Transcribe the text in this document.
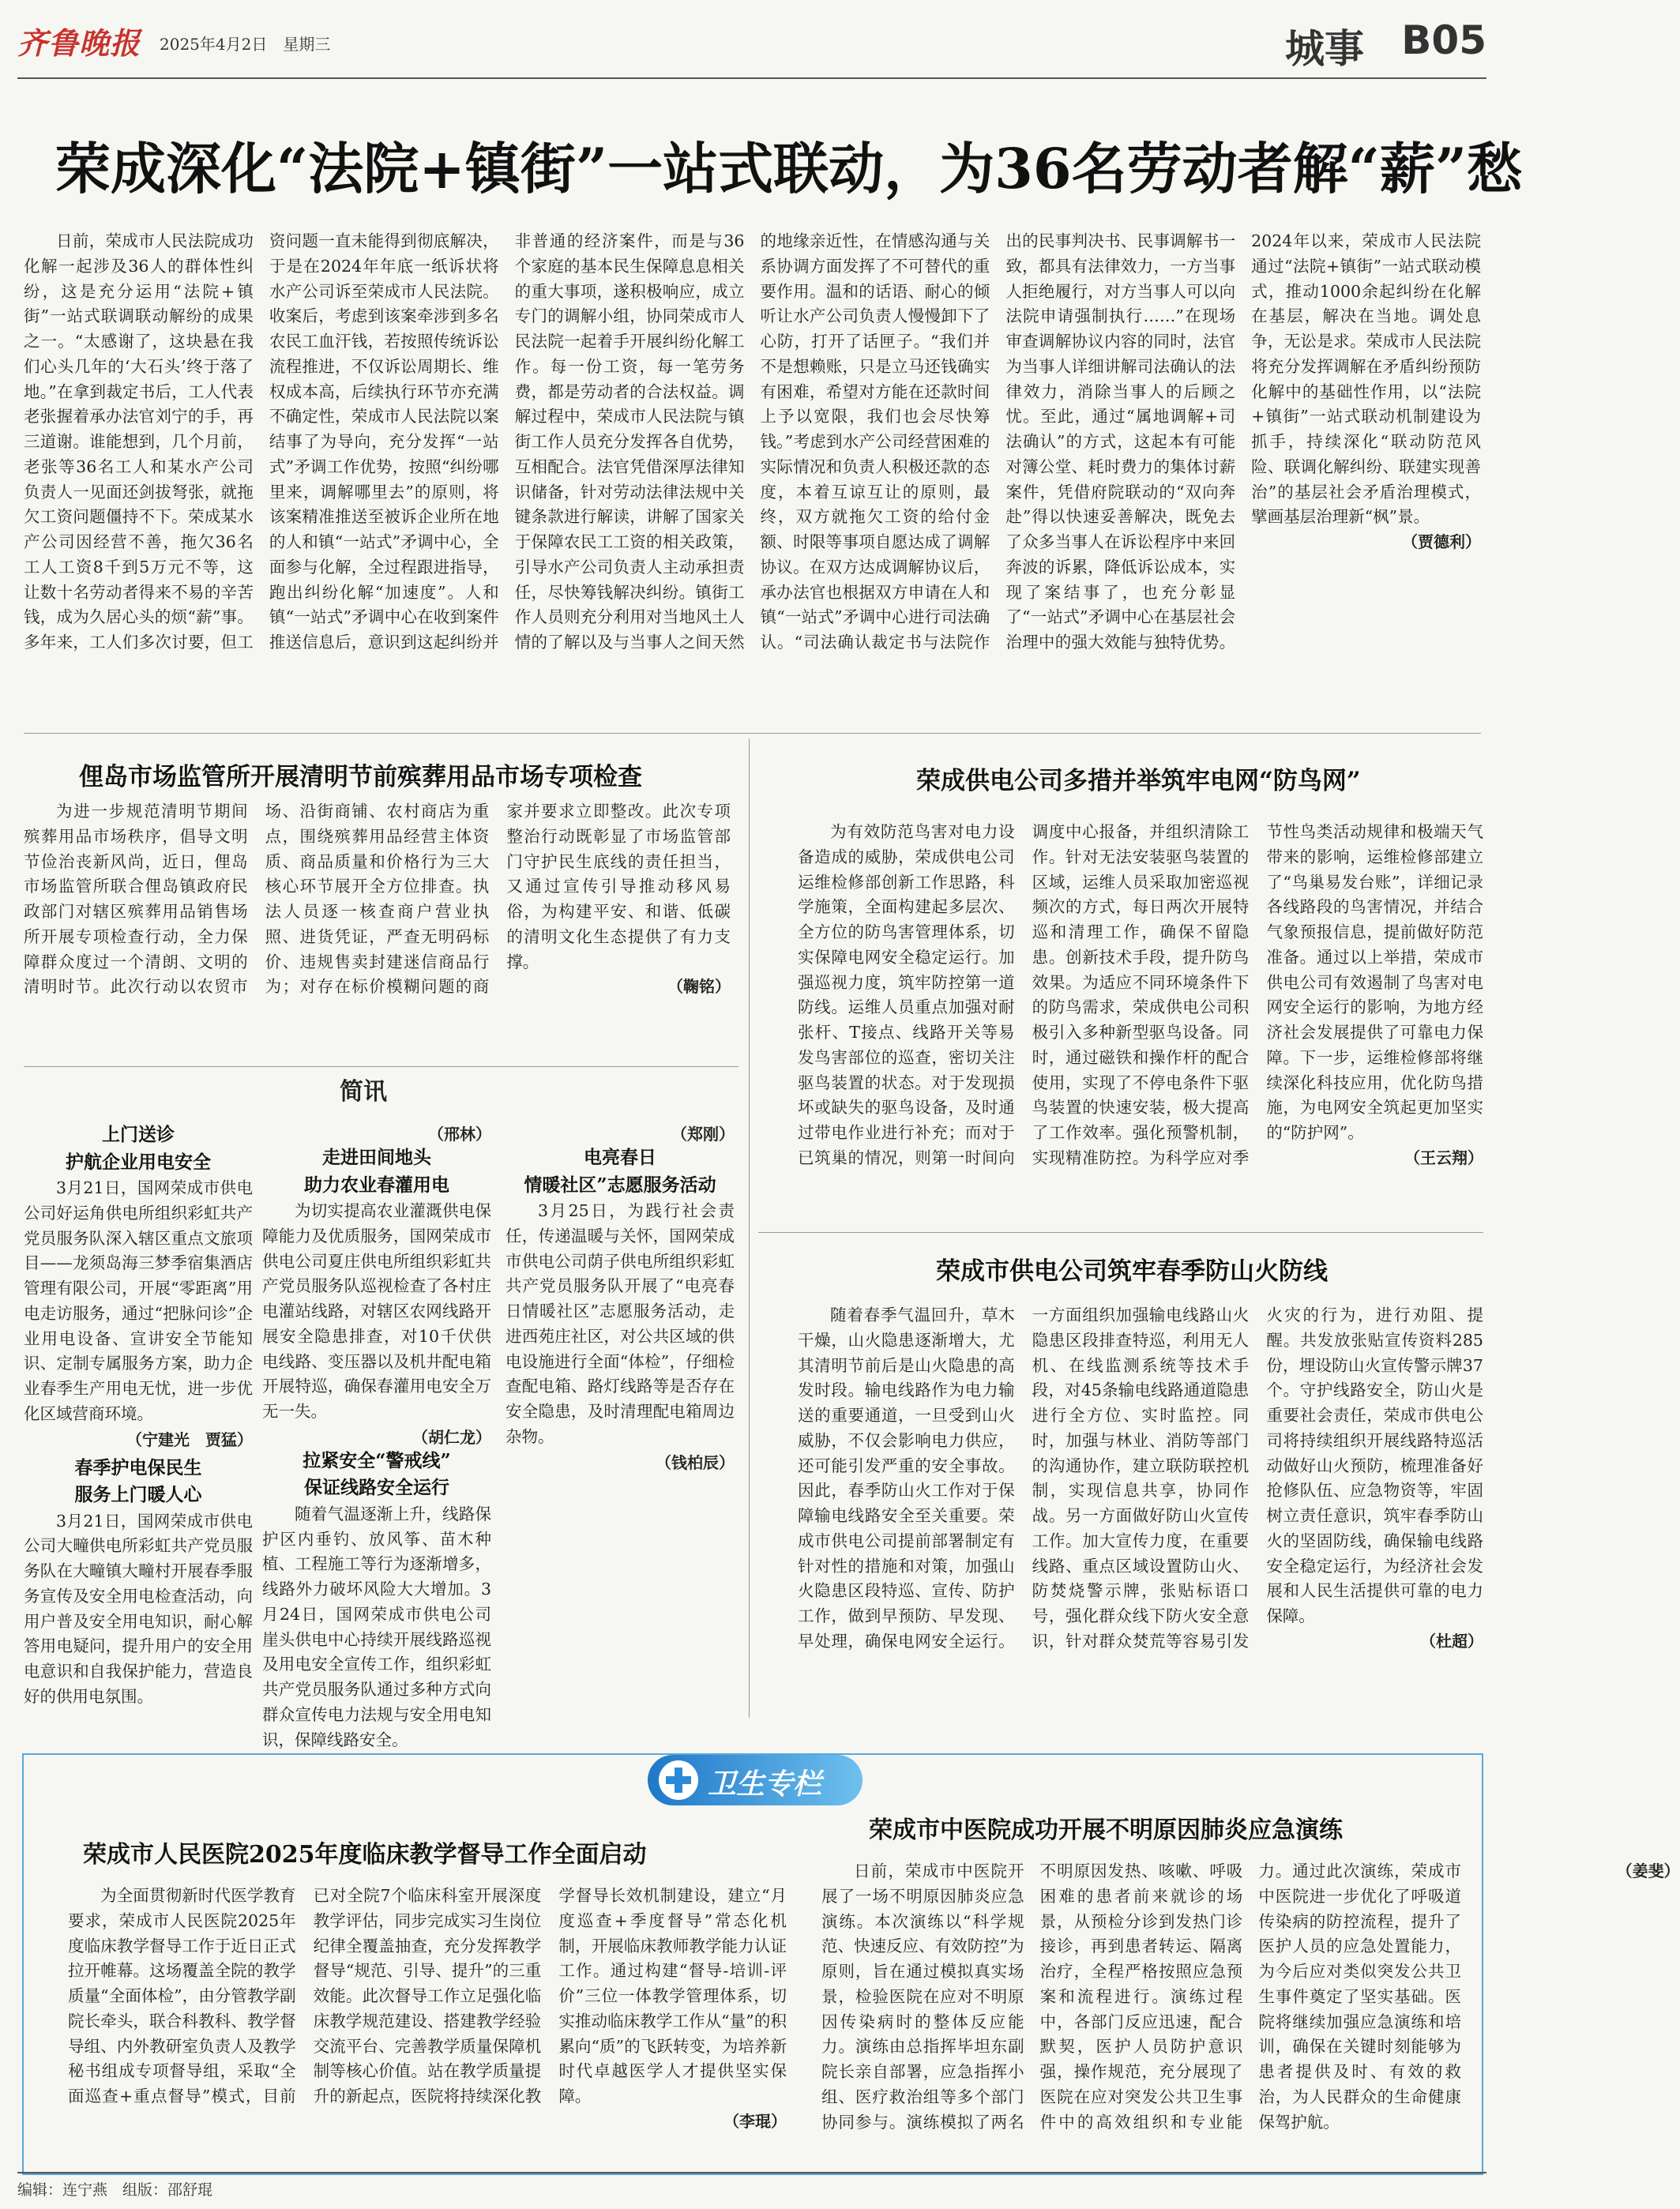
齐鲁晚报 2025年4月2日　星期三	城事 B05
荣成深化“法院+镇街”一站式联动，为36名劳动者解“薪”愁

日前，荣成市人民法院成功化解一起涉及36人的群体性纠纷，这是充分运用“法院+镇街”一站式联调联动解纷的成果之一。“太感谢了，这块悬在我们心头几年的‘大石头’终于落了地。”在拿到裁定书后，工人代表老张握着承办法官刘宁的手，再三道谢。谁能想到，几个月前，老张等36名工人和某水产公司负责人一见面还剑拔弩张，就拖欠工资问题僵持不下。荣成某水产公司因经营不善，拖欠36名工人工资8千到5万元不等，这让数十名劳动者得来不易的辛苦钱，成为久居心头的烦“薪”事。多年来，工人们多次讨要，但工资问题一直未能得到彻底解决，于是在2024年年底一纸诉状将水产公司诉至荣成市人民法院。收案后，考虑到该案牵涉到多名农民工血汗钱，若按照传统诉讼流程推进，不仅诉讼周期长、维权成本高，后续执行环节亦充满不确定性，荣成市人民法院以案结事了为导向，充分发挥“一站式”矛调工作优势，按照“纠纷哪里来，调解哪里去”的原则，将该案精准推送至被诉企业所在地的人和镇“一站式”矛调中心，全面参与化解，全过程跟进指导，跑出纠纷化解“加速度”。人和镇“一站式”矛调中心在收到案件推送信息后，意识到这起纠纷并非普通的经济案件，而是与36个家庭的基本民生保障息息相关的重大事项，遂积极响应，成立专门的调解小组，协同荣成市人民法院一起着手开展纠纷化解工作。每一份工资，每一笔劳务费，都是劳动者的合法权益。调解过程中，荣成市人民法院与镇街工作人员充分发挥各自优势，互相配合。法官凭借深厚法律知识储备，针对劳动法律法规中关键条款进行解读，讲解了国家关于保障农民工工资的相关政策，引导水产公司负责人主动承担责任，尽快筹钱解决纠纷。镇街工作人员则充分利用对当地风土人情的了解以及与当事人之间天然的地缘亲近性，在情感沟通与关系协调方面发挥了不可替代的重要作用。温和的话语、耐心的倾听让水产公司负责人慢慢卸下了心防，打开了话匣子。“我们并不是想赖账，只是立马还钱确实有困难，希望对方能在还款时间上予以宽限，我们也会尽快筹钱。”考虑到水产公司经营困难的实际情况和负责人积极还款的态度，本着互谅互让的原则，最终，双方就拖欠工资的给付金额、时限等事项自愿达成了调解协议。在双方达成调解协议后，承办法官也根据双方申请在人和镇“一站式”矛调中心进行司法确认。“司法确认裁定书与法院作出的民事判决书、民事调解书一致，都具有法律效力，一方当事人拒绝履行，对方当事人可以向法院申请强制执行……”在现场审查调解协议内容的同时，法官为当事人详细讲解司法确认的法律效力，消除当事人的后顾之忧。至此，通过“属地调解+司法确认”的方式，这起本有可能对簿公堂、耗时费力的集体讨薪案件，凭借府院联动的“双向奔赴”得以快速妥善解决，既免去了众多当事人在诉讼程序中来回奔波的诉累，降低诉讼成本，实现了案结事了，也充分彰显了“一站式”矛调中心在基层社会治理中的强大效能与独特优势。2024年以来，荣成市人民法院通过“法院+镇街”一站式联动模式，推动1000余起纠纷在化解在基层，解决在当地。调处息争，无讼是求。荣成市人民法院将充分发挥调解在矛盾纠纷预防化解中的基础性作用，以“法院+镇街”一站式联动机制建设为抓手，持续深化“联动防范风险、联调化解纠纷、联建实现善治”的基层社会矛盾治理模式，擘画基层治理新“枫”景。

（贾德利）
俚岛市场监管所开展清明节前殡葬用品市场专项检查

为进一步规范清明节期间殡葬用品市场秩序，倡导文明节俭治丧新风尚，近日，俚岛市场监管所联合俚岛镇政府民政部门对辖区殡葬用品销售场所开展专项检查行动，全力保障群众度过一个清朗、文明的清明时节。此次行动以农贸市场、沿街商铺、农村商店为重点，围绕殡葬用品经营主体资质、商品质量和价格行为三大核心环节展开全方位排查。执法人员逐一核查商户营业执照、进货凭证，严查无明码标价、违规售卖封建迷信商品行为；对存在标价模糊问题的商家并要求立即整改。此次专项整治行动既彰显了市场监管部门守护民生底线的责任担当，又通过宣传引导推动移风易俗，为构建平安、和谐、低碳的清明文化生态提供了有力支撑。

（鞠铭）
荣成供电公司多措并举筑牢电网“防鸟网”

为有效防范鸟害对电力设备造成的威胁，荣成供电公司运维检修部创新工作思路，科学施策，全面构建起多层次、全方位的防鸟害管理体系，切实保障电网安全稳定运行。加强巡视力度，筑牢防控第一道防线。运维人员重点加强对耐张杆、T接点、线路开关等易发鸟害部位的巡查，密切关注驱鸟装置的状态。对于发现损坏或缺失的驱鸟设备，及时通过带电作业进行补充；而对于已筑巢的情况，则第一时间向调度中心报备，并组织清除工作。针对无法安装驱鸟装置的区域，运维人员采取加密巡视频次的方式，每日两次开展特巡和清理工作，确保不留隐患。创新技术手段，提升防鸟效果。为适应不同环境条件下的防鸟需求，荣成供电公司积极引入多种新型驱鸟设备。同时，通过磁铁和操作杆的配合使用，实现了不停电条件下驱鸟装置的快速安装，极大提高了工作效率。强化预警机制，实现精准防控。为科学应对季节性鸟类活动规律和极端天气带来的影响，运维检修部建立了“鸟巢易发台账”，详细记录各线路段的鸟害情况，并结合气象预报信息，提前做好防范准备。通过以上举措，荣成市供电公司有效遏制了鸟害对电网安全运行的影响，为地方经济社会发展提供了可靠电力保障。下一步，运维检修部将继续深化科技应用，优化防鸟措施，为电网安全筑起更加坚实的“防护网”。

（王云翔）
简讯
上门送诊
护航企业用电安全

3月21日，国网荣成市供电公司好运角供电所组织彩虹共产党员服务队深入辖区重点文旅项目——龙须岛海三梦季宿集酒店管理有限公司，开展“零距离”用电走访服务，通过“把脉问诊”企业用电设备、宣讲安全节能知识、定制专属服务方案，助力企业春季生产用电无忧，进一步优化区域营商环境。

（宁建光　贾猛）
春季护电保民生
服务上门暖人心

3月21日，国网荣成市供电公司大疃供电所彩虹共产党员服务队在大疃镇大疃村开展春季服务宣传及安全用电检查活动，向用户普及安全用电知识，耐心解答用电疑问，提升用户的安全用电意识和自我保护能力，营造良好的供用电氛围。

（邢林）
走进田间地头
助力农业春灌用电

为切实提高农业灌溉供电保障能力及优质服务，国网荣成市供电公司夏庄供电所组织彩虹共产党员服务队巡视检查了各村庄电灌站线路，对辖区农网线路开展安全隐患排查，对10千伏供电线路、变压器以及机井配电箱开展特巡，确保春灌用电安全万无一失。

（胡仁龙）
拉紧安全“警戒线”
保证线路安全运行

随着气温逐渐上升，线路保护区内垂钓、放风筝、苗木种植、工程施工等行为逐渐增多，线路外力破坏风险大大增加。3月24日，国网荣成市供电公司崖头供电中心持续开展线路巡视及用电安全宣传工作，组织彩虹共产党员服务队通过多种方式向群众宣传电力法规与安全用电知识，保障线路安全。

（郑刚）
电亮春日
情暖社区”志愿服务活动

3月25日，为践行社会责任，传递温暖与关怀，国网荣成市供电公司荫子供电所组织彩虹共产党员服务队开展了“电亮春日情暖社区”志愿服务活动，走进西苑庄社区，对公共区域的供电设施进行全面“体检”，仔细检查配电箱、路灯线路等是否存在安全隐患，及时清理配电箱周边杂物。

（钱柏辰）
荣成市供电公司筑牢春季防山火防线

随着春季气温回升，草木干燥，山火隐患逐渐增大，尤其清明节前后是山火隐患的高发时段。输电线路作为电力输送的重要通道，一旦受到山火威胁，不仅会影响电力供应，还可能引发严重的安全事故。因此，春季防山火工作对于保障输电线路安全至关重要。荣成市供电公司提前部署制定有针对性的措施和对策，加强山火隐患区段特巡、宣传、防护工作，做到早预防、早发现、早处理，确保电网安全运行。一方面组织加强输电线路山火隐患区段排查特巡，利用无人机、在线监测系统等技术手段，对45条输电线路通道隐患进行全方位、实时监控。同时，加强与林业、消防等部门的沟通协作，建立联防联控机制，实现信息共享，协同作战。另一方面做好防山火宣传工作。加大宣传力度，在重要线路、重点区域设置防山火、防焚烧警示牌，张贴标语口号，强化群众线下防火安全意识，针对群众焚荒等容易引发火灾的行为，进行劝阻、提醒。共发放张贴宣传资料285份，埋设防山火宣传警示牌37个。守护线路安全，防山火是重要社会责任，荣成市供电公司将持续组织开展线路特巡活动做好山火预防，梳理准备好抢修队伍、应急物资等，牢固树立责任意识，筑牢春季防山火的坚固防线，确保输电线路安全稳定运行，为经济社会发展和人民生活提供可靠的电力保障。

（杜超）
卫生专栏
荣成市人民医院2025年度临床教学督导工作全面启动

为全面贯彻新时代医学教育要求，荣成市人民医院2025年度临床教学督导工作于近日正式拉开帷幕。这场覆盖全院的教学质量“全面体检”，由分管教学副院长牵头，联合科教科、教学督导组、内外教研室负责人及教学秘书组成专项督导组，采取“全面巡查+重点督导”模式，目前已对全院7个临床科室开展深度教学评估，同步完成实习生岗位纪律全覆盖抽查，充分发挥教学督导“规范、引导、提升”的三重效能。此次督导工作立足强化临床教学规范建设、搭建教学经验交流平台、完善教学质量保障机制等核心价值。站在教学质量提升的新起点，医院将持续深化教学督导长效机制建设，建立“月度巡查+季度督导”常态化机制，开展临床教师教学能力认证工作。通过构建“督导-培训-评价”三位一体教学管理体系，切实推动临床教学工作从“量”的积累向“质”的飞跃转变，为培养新时代卓越医学人才提供坚实保障。

（李琨）
荣成市中医院成功开展不明原因肺炎应急演练

日前，荣成市中医院开展了一场不明原因肺炎应急演练。本次演练以“科学规范、快速反应、有效防控”为原则，旨在通过模拟真实场景，检验医院在应对不明原因传染病时的整体反应能力。演练由总指挥毕坦东副院长亲自部署，应急指挥小组、医疗救治组等多个部门协同参与。演练模拟了两名不明原因发热、咳嗽、呼吸困难的患者前来就诊的场景，从预检分诊到发热门诊接诊，再到患者转运、隔离治疗，全程严格按照应急预案和流程进行。演练过程中，各部门反应迅速，配合默契，医护人员防护意识强，操作规范，充分展现了医院在应对突发公共卫生事件中的高效组织和专业能力。通过此次演练，荣成市中医院进一步优化了呼吸道传染病的防控流程，提升了医护人员的应急处置能力，为今后应对类似突发公共卫生事件奠定了坚实基础。医院将继续加强应急演练和培训，确保在关键时刻能够为患者提供及时、有效的救治，为人民群众的生命健康保驾护航。

（姜斐）
编辑：连宁燕　组版：邵舒琨
